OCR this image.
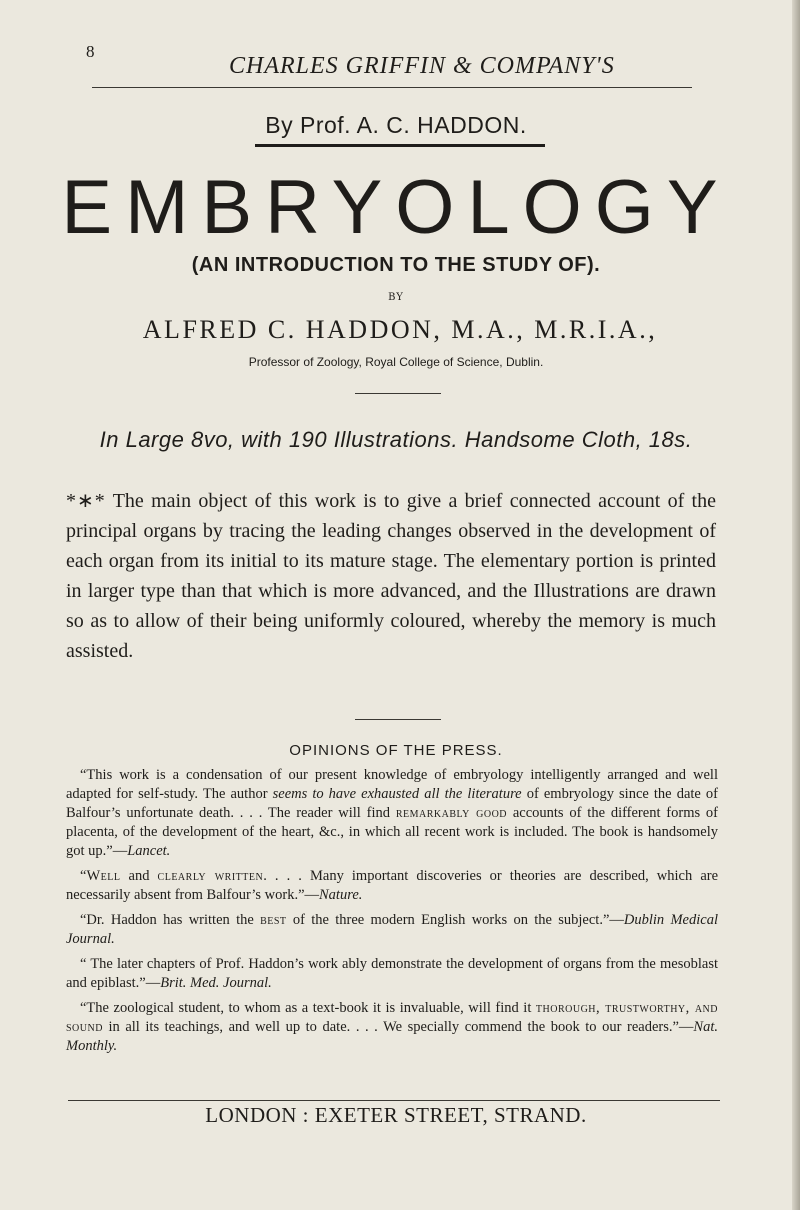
8
CHARLES GRIFFIN & COMPANY'S
By Prof. A. C. HADDON.
EMBRYOLOGY
(AN INTRODUCTION TO THE STUDY OF).
BY
ALFRED C. HADDON, M.A., M.R.I.A.,
Professor of Zoology, Royal College of Science, Dublin.
In Large 8vo, with 190 Illustrations. Handsome Cloth, 18s.
*∗* The main object of this work is to give a brief connected account of the principal organs by tracing the leading changes observed in the development of each organ from its initial to its mature stage. The elementary portion is printed in larger type than that which is more advanced, and the Illustrations are drawn so as to allow of their being uniformly coloured, whereby the memory is much assisted.
OPINIONS OF THE PRESS.

“This work is a condensation of our present knowledge of embryology intelligently arranged and well adapted for self-study. The author seems to have exhausted all the literature of embryology since the date of Balfour’s unfortunate death. . . . The reader will find remarkably good accounts of the different forms of placenta, of the development of the heart, &c., in which all recent work is included. The book is handsomely got up.”—Lancet.

“Well and clearly written. . . . Many important discoveries or theories are described, which are necessarily absent from Balfour’s work.”—Nature.

“Dr. Haddon has written the best of the three modern English works on the subject.”—Dublin Medical Journal.

“ The later chapters of Prof. Haddon’s work ably demonstrate the development of organs from the mesoblast and epiblast.”—Brit. Med. Journal.

“The zoological student, to whom as a text-book it is invaluable, will find it thorough, trustworthy, and sound in all its teachings, and well up to date. . . . We specially commend the book to our readers.”—Nat. Monthly.

LONDON : EXETER STREET, STRAND.
